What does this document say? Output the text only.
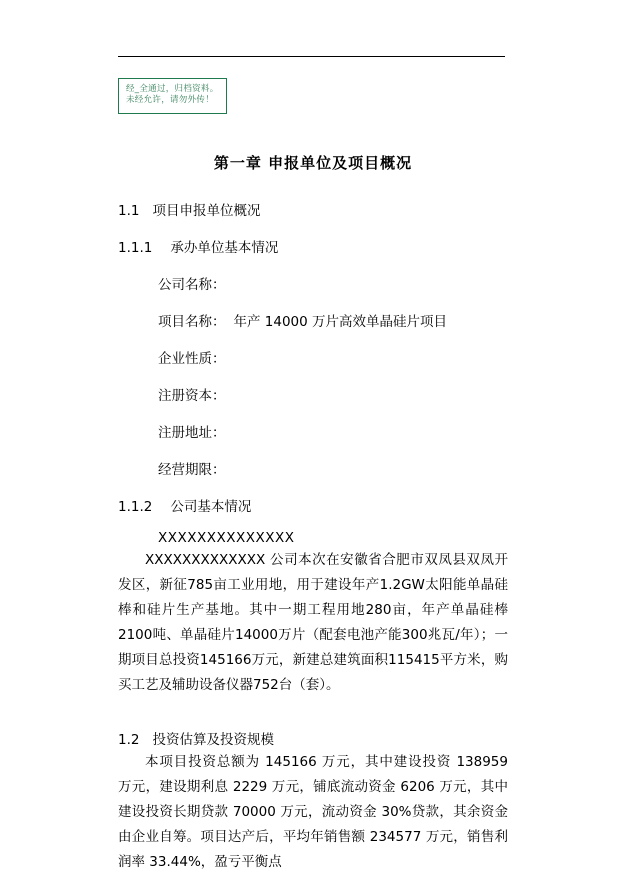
经_全通过，归档资料。
未经允许，请勿外传！
第一章 申报单位及项目概况
1.1 项目申报单位概况
1.1.1 承办单位基本情况
公司名称：
项目名称： 年产 14000 万片高效单晶硅片项目
企业性质：
注册资本：
注册地址：
经营期限：
1.1.2 公司基本情况
XXXXXXXXXXXXXX

XXXXXXXXXXXXX 公司本次在安徽省合肥市双凤县双凤开发区，新征785亩工业用地，用于建设年产1.2GW太阳能单晶硅棒和硅片生产基地。其中一期工程用地280亩，年产单晶硅棒2100吨、单晶硅片14000万片（配套电池产能300兆瓦/年）；一期项目总投资145166万元，新建总建筑面积115415平方米，购买工艺及辅助设备仪器752台（套）。

1.2 投资估算及投资规模

本项目投资总额为 145166 万元，其中建设投资 138959 万元，建设期利息 2229 万元，铺底流动资金 6206 万元，其中建设投资长期贷款 70000 万元，流动资金 30%贷款，其余资金由企业自筹。项目达产后，平均年销售额 234577 万元，销售利润率 33.44%，盈亏平衡点
